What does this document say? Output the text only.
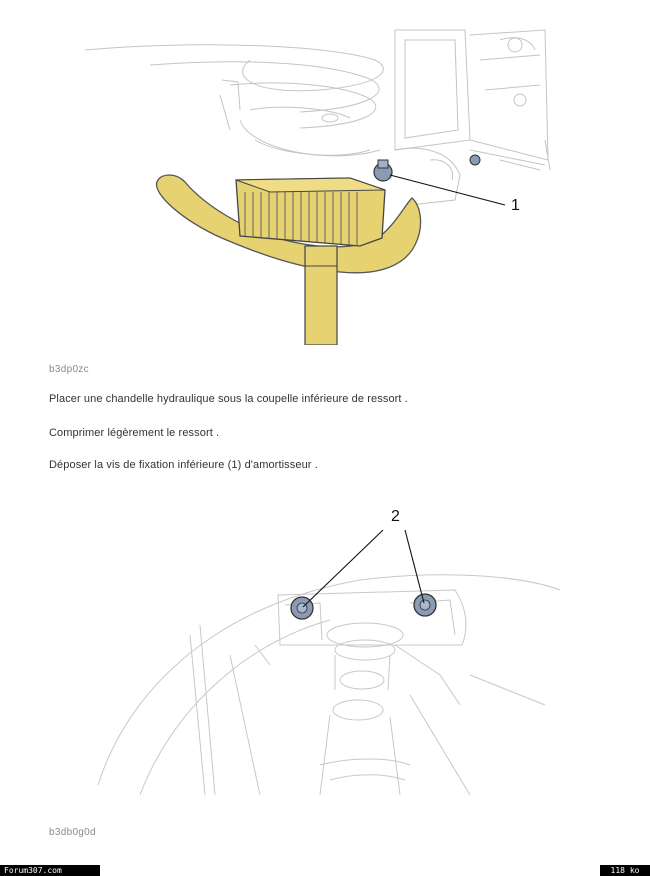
1
b3dp0zc
Placer une chandelle hydraulique sous la coupelle inférieure de ressort .
Comprimer légèrement le ressort .
Déposer la vis de fixation inférieure (1) d'amortisseur .
2
b3db0g0d
Forum307.com	118 ko
